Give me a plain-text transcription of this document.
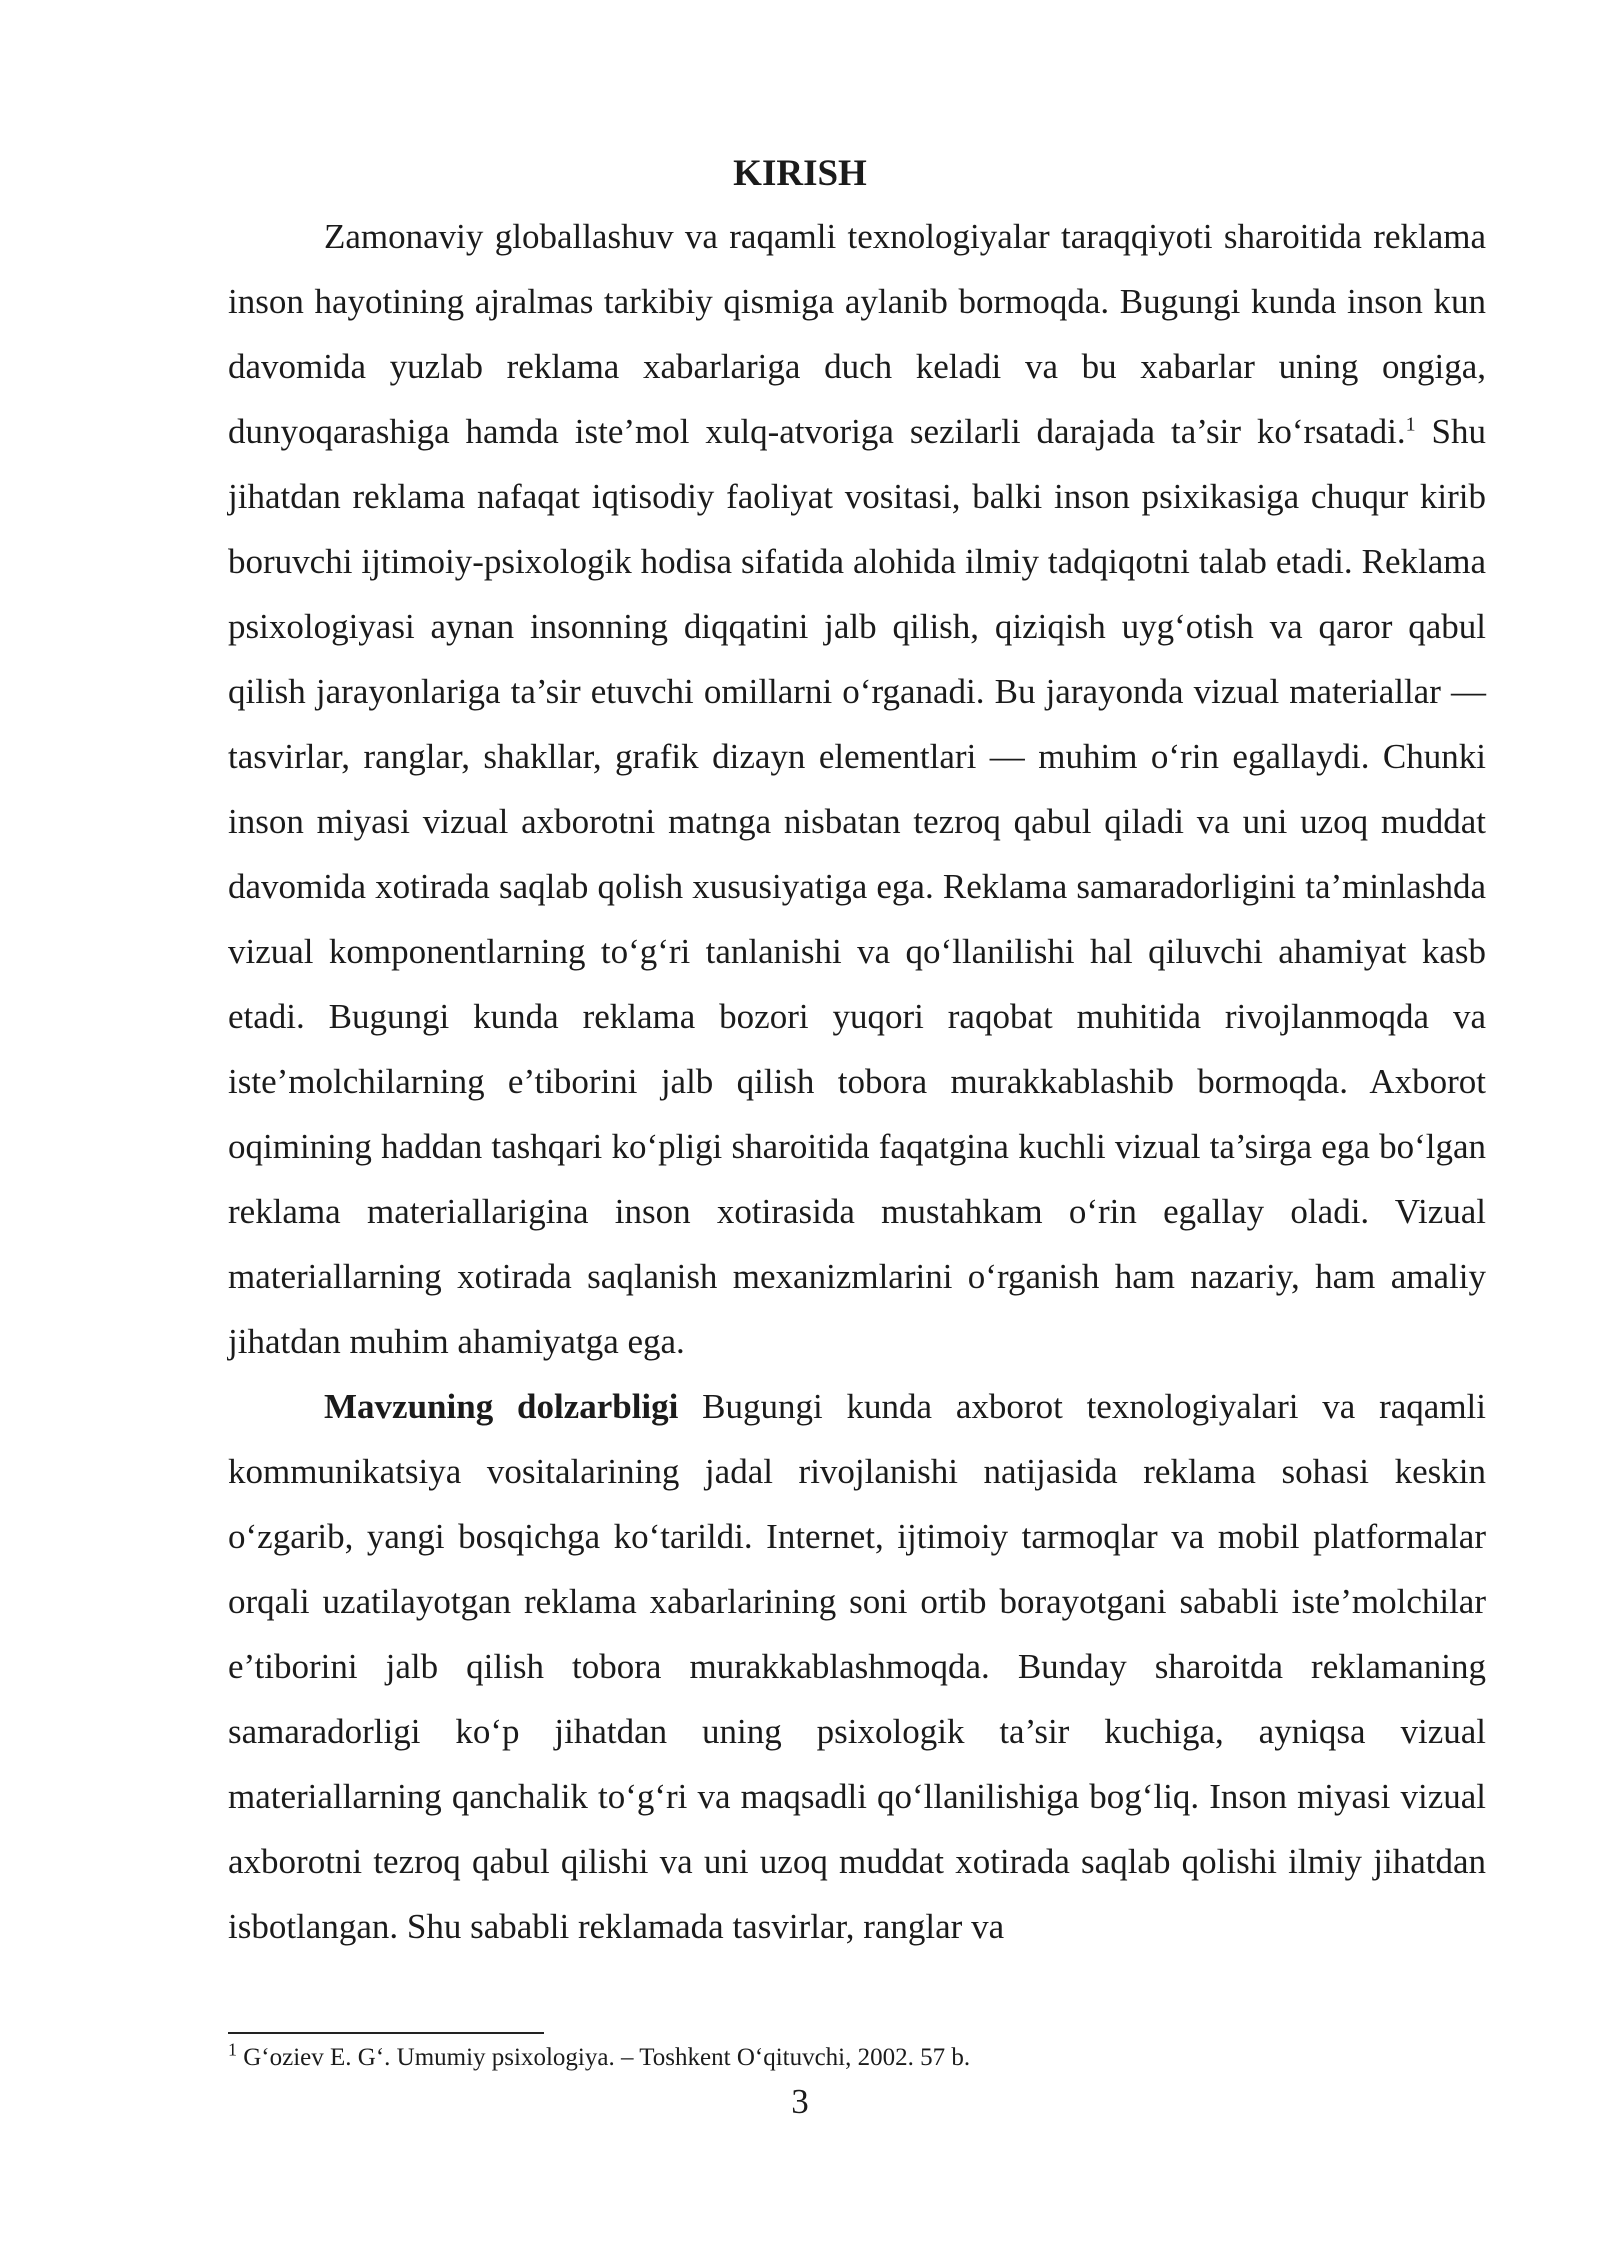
KIRISH

Zamonaviy globallashuv va raqamli texnologiyalar taraqqiyoti sharoitida reklama inson hayotining ajralmas tarkibiy qismiga aylanib bormoqda. Bugungi kunda inson kun davomida yuzlab reklama xabarlariga duch keladi va bu xabarlar uning ongiga, dunyoqarashiga hamda iste’mol xulq-atvoriga sezilarli darajada ta’sir ko‘rsatadi.$^1$ Shu jihatdan reklama nafaqat iqtisodiy faoliyat vositasi, balki inson psixikasiga chuqur kirib boruvchi ijtimoiy-psixologik hodisa sifatida alohida ilmiy tadqiqotni talab etadi. Reklama psixologiyasi aynan insonning diqqatini jalb qilish, qiziqish uyg‘otish va qaror qabul qilish jarayonlariga ta’sir etuvchi omillarni o‘rganadi. Bu jarayonda vizual materiallar — tasvirlar, ranglar, shakllar, grafik dizayn elementlari — muhim o‘rin egallaydi. Chunki inson miyasi vizual axborotni matnga nisbatan tezroq qabul qiladi va uni uzoq muddat davomida xotirada saqlab qolish xususiyatiga ega. Reklama samaradorligini ta’minlashda vizual komponentlarning to‘g‘ri tanlanishi va qo‘llanilishi hal qiluvchi ahamiyat kasb etadi. Bugungi kunda reklama bozori yuqori raqobat muhitida rivojlanmoqda va iste’molchilarning e’tiborini jalb qilish tobora murakkablashib bormoqda. Axborot oqimining haddan tashqari ko‘pligi sharoitida faqatgina kuchli vizual ta’sirga ega bo‘lgan reklama materiallarigina inson xotirasida mustahkam o‘rin egallay oladi. Vizual materiallarning xotirada saqlanish mexanizmlarini o‘rganish ham nazariy, ham amaliy jihatdan muhim ahamiyatga ega.

Mavzuning dolzarbligi Bugungi kunda axborot texnologiyalari va raqamli kommunikatsiya vositalarining jadal rivojlanishi natijasida reklama sohasi keskin o‘zgarib, yangi bosqichga ko‘tarildi. Internet, ijtimoiy tarmoqlar va mobil platformalar orqali uzatilayotgan reklama xabarlarining soni ortib borayotgani sababli iste’molchilar e’tiborini jalb qilish tobora murakkablashmoqda. Bunday sharoitda reklamaning samaradorligi ko‘p jihatdan uning psixologik ta’sir kuchiga, ayniqsa vizual materiallarning qanchalik to‘g‘ri va maqsadli qo‘llanilishiga bog‘liq. Inson miyasi vizual axborotni tezroq qabul qilishi va uni uzoq muddat xotirada saqlab qolishi ilmiy jihatdan isbotlangan. Shu sababli reklamada tasvirlar, ranglar va

$^1$ G‘oziev E. G‘. Umumiy psixologiya. – Toshkent O‘qituvchi, 2002. 57 b.
3
